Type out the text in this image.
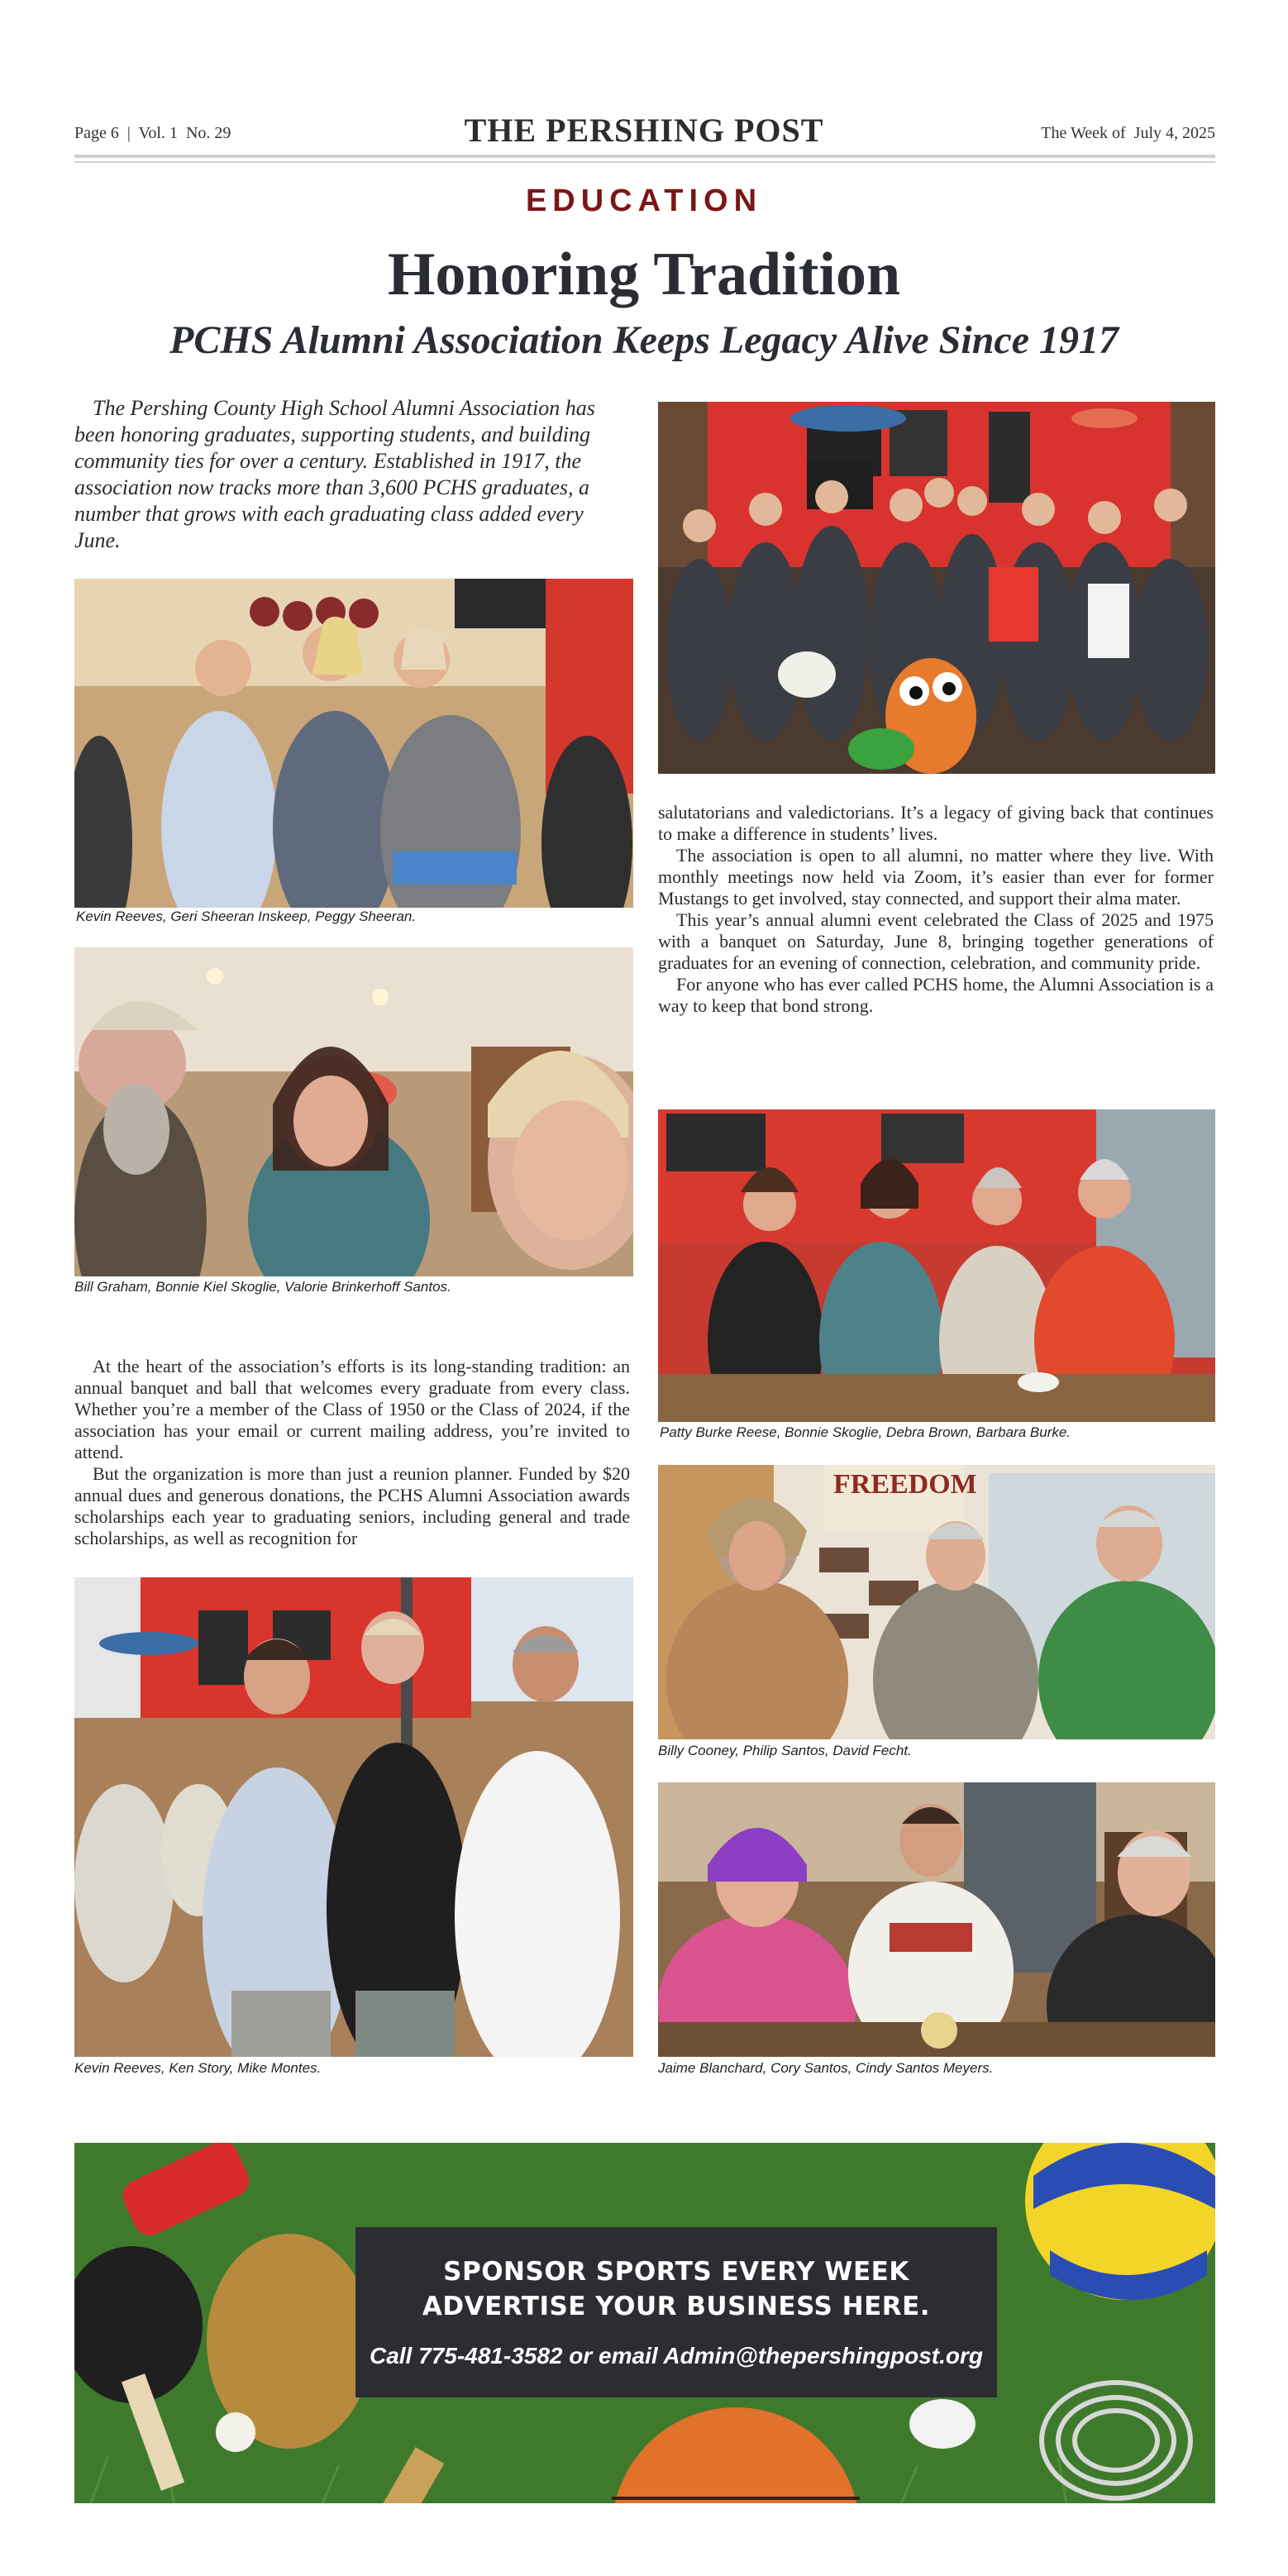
Page 6  |  Vol. 1  No. 29	THE PERSHING POST	The Week of  July 4, 2025
EDUCATION
Honoring Tradition
PCHS Alumni Association Keeps Legacy Alive Since 1917
The Pershing County High School Alumni Association has been honoring graduates, supporting students, and building community ties for over a century. Established in 1917, the association now tracks more than 3,600 PCHS graduates, a number that grows with each graduating class added every June.
Kevin Reeves, Geri Sheeran Inskeep, Peggy Sheeran.
Bill Graham, Bonnie Kiel Skoglie, Valorie Brinkerhoff Santos.

At the heart of the association’s efforts is its long-standing tradition: an annual banquet and ball that welcomes every graduate from every class. Whether you’re a member of the Class of 1950 or the Class of 2024, if the association has your email or current mailing address, you’re invited to attend.

But the organization is more than just a reunion planner. Funded by $20 annual dues and generous donations, the PCHS Alumni Association awards scholarships each year to graduating seniors, including general and trade scholarships, as well as recognition for

salutatorians and valedictorians. It’s a legacy of giving back that continues to make a difference in students’ lives.

The association is open to all alumni, no matter where they live. With monthly meetings now held via Zoom, it’s easier than ever for former Mustangs to get involved, stay connected, and support their alma mater.

This year’s annual alumni event celebrated the Class of 2025 and 1975 with a banquet on Saturday, June 8, bringing together generations of graduates for an evening of connection, celebration, and community pride.

For anyone who has ever called PCHS home, the Alumni Association is a way to keep that bond strong.

Patty Burke Reese, Bonnie Skoglie, Debra Brown, Barbara Burke.
FREEDOM
Billy Cooney, Philip Santos, David Fecht.
Kevin Reeves, Ken Story, Mike Montes.	Jaime Blanchard, Cory Santos, Cindy Santos Meyers.
SPONSOR SPORTS EVERY WEEK
ADVERTISE YOUR BUSINESS HERE.
Call 775-481-3582 or email Admin@thepershingpost.org
